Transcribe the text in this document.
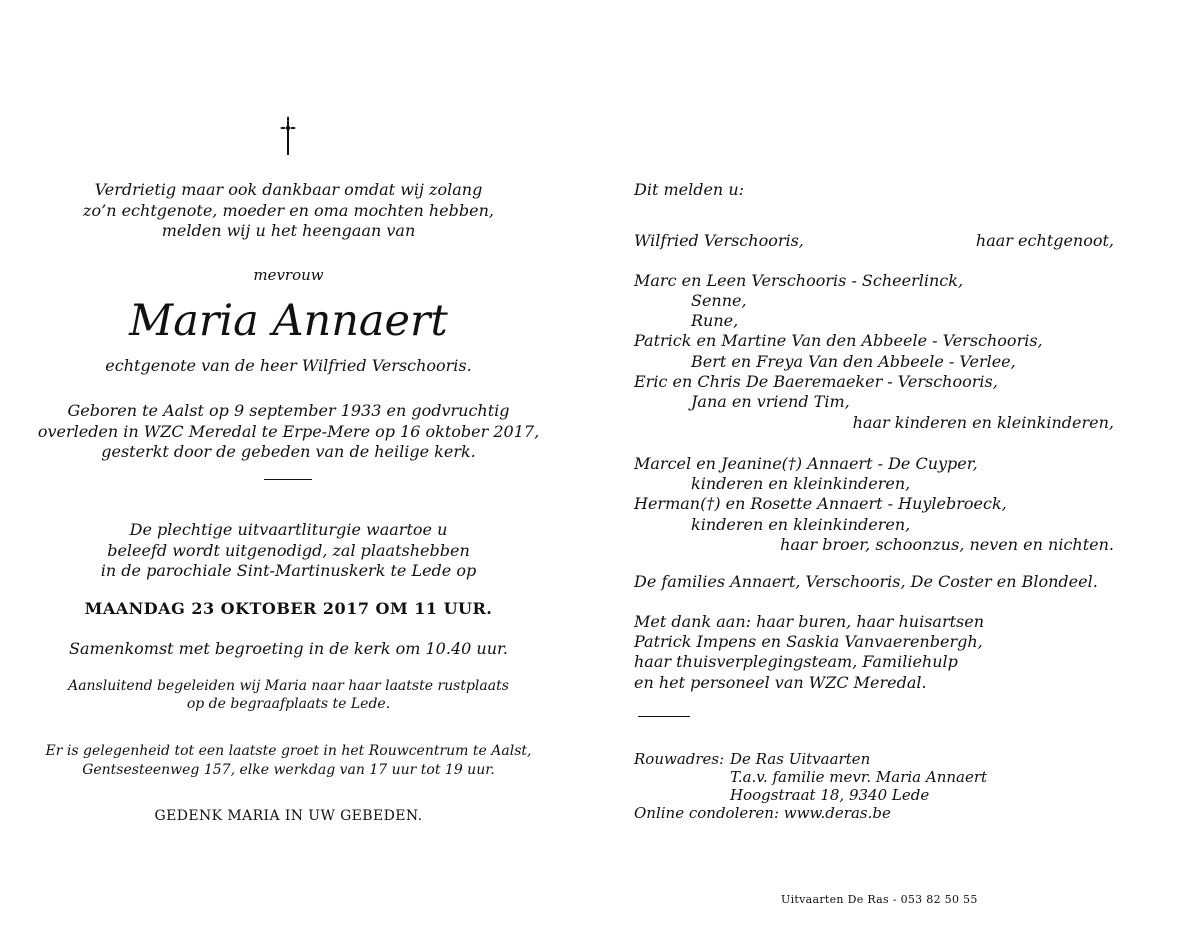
Verdrietig maar ook dankbaar omdat wij zolang
zo’n echtgenote, moeder en oma mochten hebben,
melden wij u het heengaan van
mevrouw
Maria Annaert
echtgenote van de heer Wilfried Verschooris.
Geboren te Aalst op 9 september 1933 en godvruchtig
overleden in WZC Meredal te Erpe-Mere op 16 oktober 2017,
gesterkt door de gebeden van de heilige kerk.
De plechtige uitvaartliturgie waartoe u
beleefd wordt uitgenodigd, zal plaatshebben
in de parochiale Sint-Martinuskerk te Lede op
MAANDAG 23 OKTOBER 2017 OM 11 UUR.
Samenkomst met begroeting in de kerk om 10.40 uur.
Aansluitend begeleiden wij Maria naar haar laatste rustplaats
op de begraafplaats te Lede.
Er is gelegenheid tot een laatste groet in het Rouwcentrum te Aalst,
Gentsesteenweg 157, elke werkdag van 17 uur tot 19 uur.
GEDENK MARIA IN UW GEBEDEN.
Dit melden u:
Wilfried Verschooris,	haar echtgenoot,
Marc en Leen Verschooris - Scheerlinck,
Senne,
Rune,
Patrick en Martine Van den Abbeele - Verschooris,
Bert en Freya Van den Abbeele - Verlee,
Eric en Chris De Baeremaeker - Verschooris,
Jana en vriend Tim,
haar kinderen en kleinkinderen,
Marcel en Jeanine(†) Annaert - De Cuyper,
kinderen en kleinkinderen,
Herman(†) en Rosette Annaert - Huylebroeck,
kinderen en kleinkinderen,
haar broer, schoonzus, neven en nichten.
De families Annaert, Verschooris, De Coster en Blondeel.
Met dank aan: haar buren, haar huisartsen
Patrick Impens en Saskia Vanvaerenbergh,
haar thuisverplegingsteam, Familiehulp
en het personeel van WZC Meredal.
Rouwadres: De Ras Uitvaarten
T.a.v. familie mevr. Maria Annaert
Hoogstraat 18, 9340 Lede
Online condoleren: www.deras.be
Uitvaarten De Ras - 053 82 50 55
